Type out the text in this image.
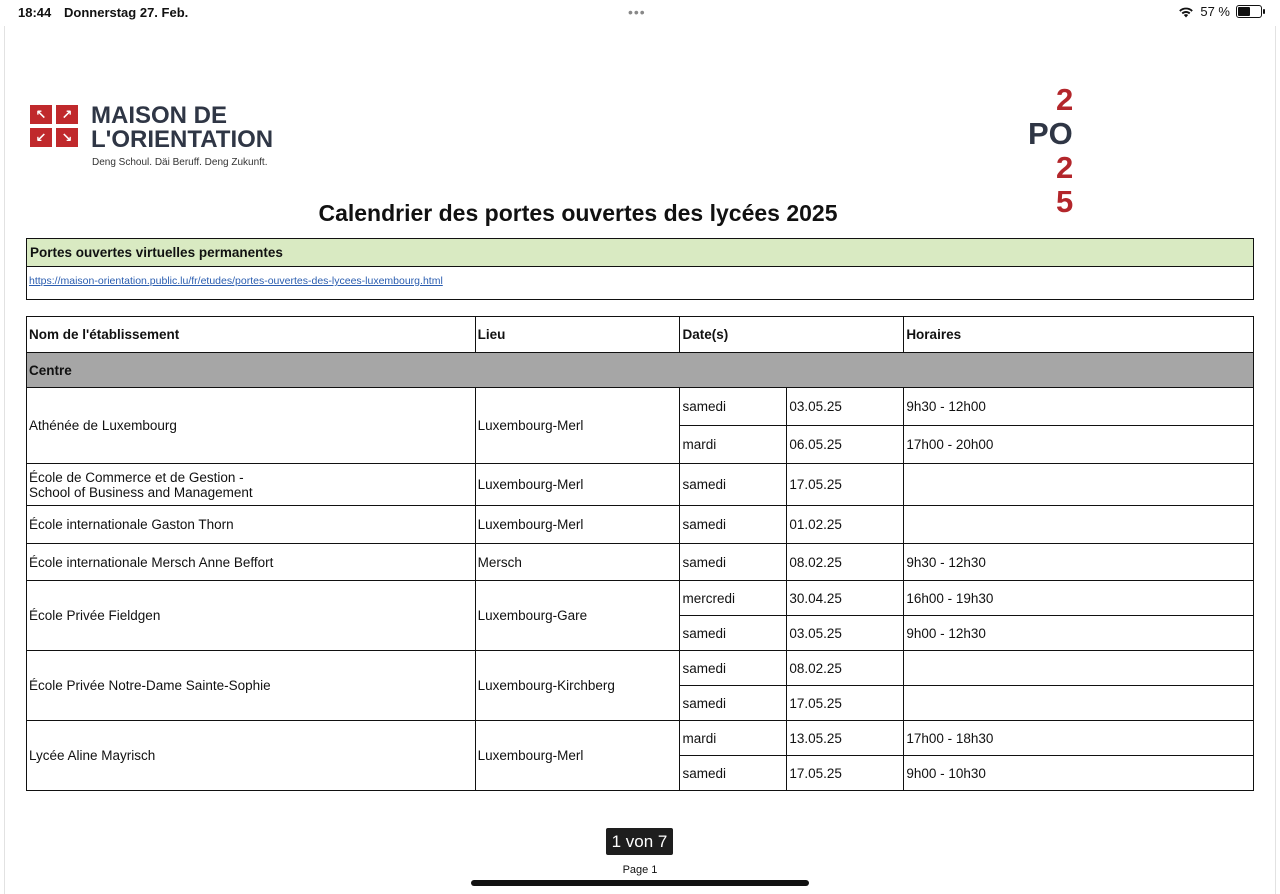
18:44 Donnerstag 27. Feb.	•••	57 %
↖	↗
↙	↘
MAISON DE
L'ORIENTATION
Deng Schoul. Däi Beruff. Deng Zukunft.
2
PO
2
5
Calendrier des portes ouvertes des lycées 2025
Portes ouvertes virtuelles permanentes
https://maison-orientation.public.lu/fr/etudes/portes-ouvertes-des-lycees-luxembourg.html
Nom de l'établissement	Lieu	Date(s)		Horaires
Centre				
Athénée de Luxembourg	Luxembourg-Merl	samedi	03.05.25	9h30 - 12h00
		mardi	06.05.25	17h00 - 20h00
École de Commerce et de Gestion -
School of Business and Management	Luxembourg-Merl	samedi	17.05.25	
École internationale Gaston Thorn	Luxembourg-Merl	samedi	01.02.25	
École internationale Mersch Anne Beffort	Mersch	samedi	08.02.25	9h30 - 12h30
École Privée Fieldgen	Luxembourg-Gare	mercredi	30.04.25	16h00 - 19h30
		samedi	03.05.25	9h00 - 12h30
École Privée Notre-Dame Sainte-Sophie	Luxembourg-Kirchberg	samedi	08.02.25	
		samedi	17.05.25	
Lycée Aline Mayrisch	Luxembourg-Merl	mardi	13.05.25	17h00 - 18h30
		samedi	17.05.25	9h00 - 10h30
1 von 7
Page 1
